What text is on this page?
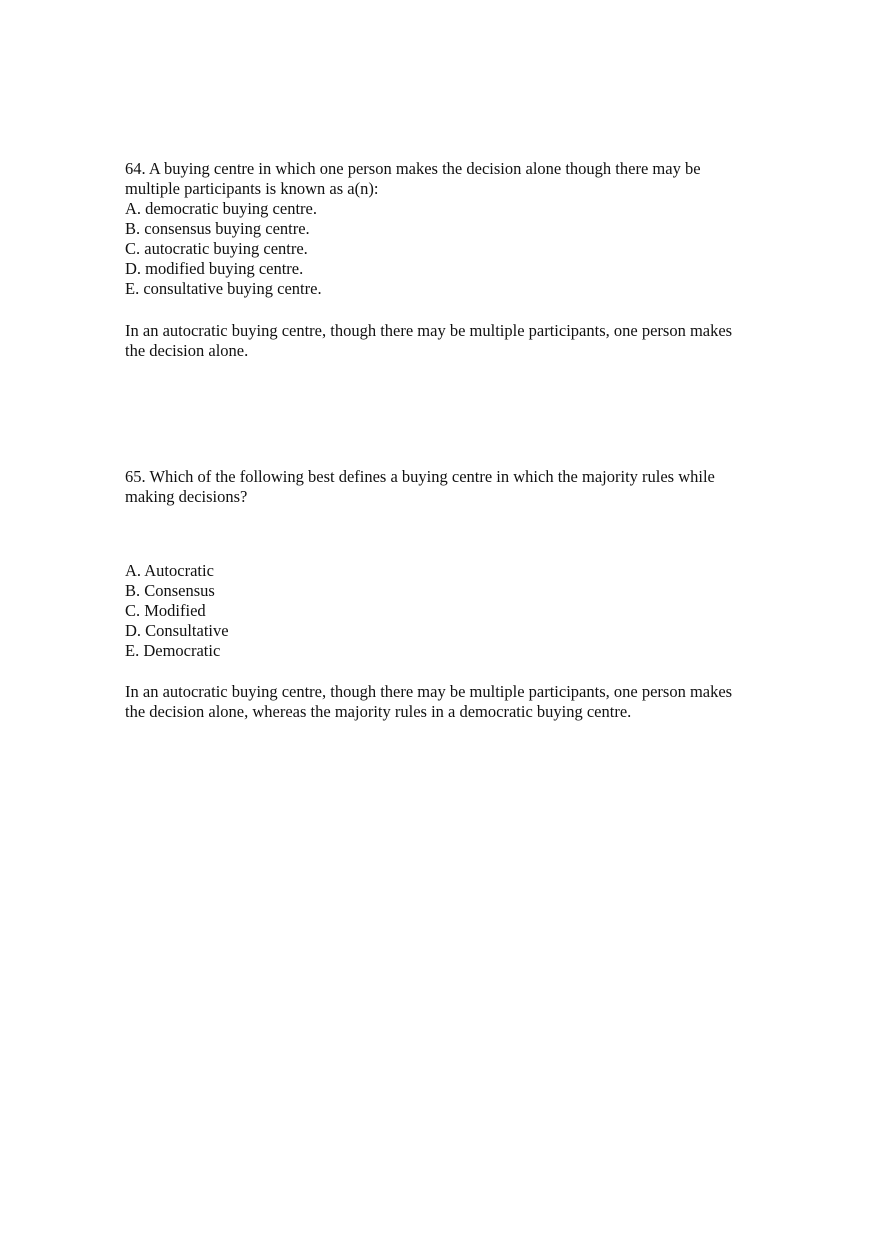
64. A buying centre in which one person makes the decision alone though there may be
multiple participants is known as a(n):
A. democratic buying centre.
B. consensus buying centre.
C. autocratic buying centre.
D. modified buying centre.
E. consultative buying centre.
In an autocratic buying centre, though there may be multiple participants, one person makes
the decision alone.
65. Which of the following best defines a buying centre in which the majority rules while
making decisions?
A. Autocratic
B. Consensus
C. Modified
D. Consultative
E. Democratic
In an autocratic buying centre, though there may be multiple participants, one person makes
the decision alone, whereas the majority rules in a democratic buying centre.
